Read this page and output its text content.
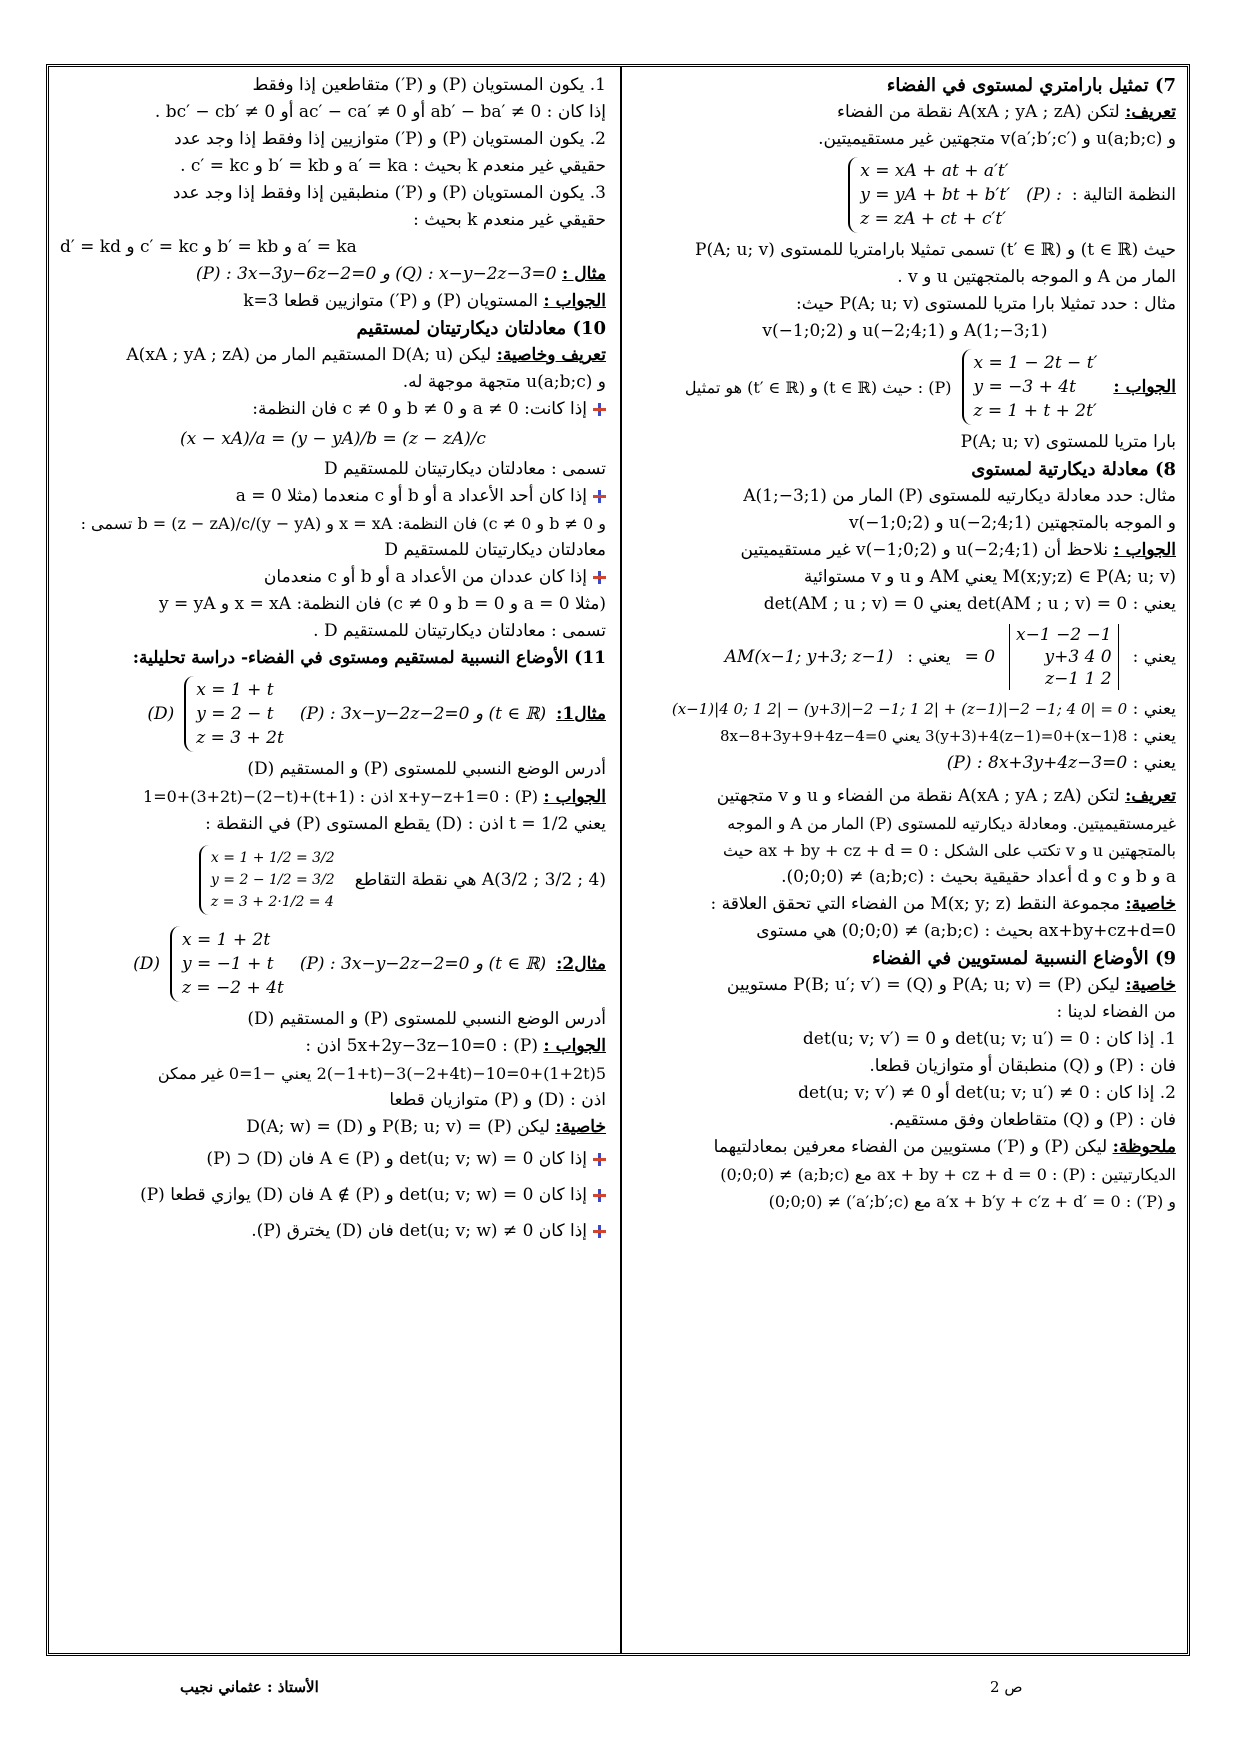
7) تمثيل بارامتري لمستوى في الفضاء

تعريف: لتكن A(xA ; yA ; zA) نقطة من الفضاء

و u(a;b;c) و v(a′;b′;c′) متجهتين غير مستقيميتين.

النظمة التالية :
(P) :
x = xA + at + a′t′
y = yA + bt + b′t′
z = zA + ct + c′t′

حيث (t ∈ ℝ) و (t′ ∈ ℝ) تسمى تمثيلا بارامتريا للمستوى P(A; u; v)

المار من A و الموجه بالمتجهتين u و v .

مثال : حدد تمثيلا بارا متريا للمستوى P(A; u; v) حيث:

A(1;−3;1) و u(−2;4;1) و v(−1;0;2)

الجواب :
x = 1 − 2t − t′
y = −3 + 4t
z = 1 + t + 2t′
(P) : حيث (t ∈ ℝ) و (t′ ∈ ℝ) هو تمثيل

بارا متريا للمستوى P(A; u; v)

8) معادلة ديكارتية لمستوى

مثال: حدد معادلة ديكارتيه للمستوى (P) المار من A(1;−3;1)

و الموجه بالمتجهتين u(−2;4;1) و v(−1;0;2)

الجواب : نلاحظ أن u(−2;4;1) و v(−1;0;2) غير مستقيميتين

M(x;y;z) ∈ P(A; u; v) يعني AM و u و v مستوائية

يعني : det(AM ; u ; v) = 0 يعني det(AM ; u ; v) = 0

يعني :
x−1 −2 −1
y+3 4 0
z−1 1 2
= 0
يعني :
AM(x−1; y+3; z−1)

يعني : (x−1)|4 0; 1 2| − (y+3)|−2 −1; 1 2| + (z−1)|−2 −1; 4 0| = 0

يعني : 8(x−1)+3(y+3)+4(z−1)=0 يعني 8x−8+3y+9+4z−4=0

يعني : (P) : 8x+3y+4z−3=0

تعريف: لتكن A(xA ; yA ; zA) نقطة من الفضاء و u و v متجهتين

غيرمستقيميتين. ومعادلة ديكارتيه للمستوى (P) المار من A و الموجه

بالمتجهتين u و v تكتب على الشكل : ax + by + cz + d = 0 حيث

a و b و c و d أعداد حقيقية بحيث : (a;b;c) ≠ (0;0;0).

خاصية: مجموعة النقط M(x; y; z) من الفضاء التي تحقق العلاقة :

ax+by+cz+d=0 بحيث : (a;b;c) ≠ (0;0;0) هي مستوى

9) الأوضاع النسبية لمستويين في الفضاء

خاصية: ليكن (P) = P(A; u; v) و (Q) = P(B; u′; v′) مستويين

من الفضاء لدينا :

1. إذا كان : det(u; v; u′) = 0 و det(u; v; v′) = 0

فان : (P) و (Q) منطبقان أو متوازيان قطعا.

2. إذا كان : det(u; v; u′) ≠ 0 أو det(u; v; v′) ≠ 0

فان : (P) و (Q) متقاطعان وفق مستقيم.

ملحوظة: ليكن (P) و (P′) مستويين من الفضاء معرفين بمعادلتيهما

الديكارتيتين : (P) : ax + by + cz + d = 0 مع (a;b;c) ≠ (0;0;0)

و (P′) : a′x + b′y + c′z + d′ = 0 مع (a′;b′;c′) ≠ (0;0;0)

1. يكون المستويان (P) و (P′) متقاطعين إذا وفقط

إذا كان : ab′ − ba′ ≠ 0 أو ac′ − ca′ ≠ 0 أو bc′ − cb′ ≠ 0 .

2. يكون المستويان (P) و (P′) متوازيين إذا وفقط إذا وجد عدد

حقيقي غير منعدم k بحيث : a′ = ka و b′ = kb و c′ = kc .

3. يكون المستويان (P) و (P′) منطبقين إذا وفقط إذا وجد عدد

حقيقي غير منعدم k بحيث :

a′ = ka و b′ = kb و c′ = kc و d′ = kd

مثال : (P) : 3x−3y−6z−2=0 و (Q) : x−y−2z−3=0

الجواب : المستويان (P) و (P′) متوازيين قطعا k=3

10) معادلتان ديكارتيتان لمستقيم

تعريف وخاصية: ليكن D(A; u) المستقيم المار من A(xA ; yA ; zA)

و u(a;b;c) متجهة موجهة له.

إذا كانت: a ≠ 0 و b ≠ 0 و c ≠ 0 فان النظمة:

(x − xA)/a = (y − yA)/b = (z − zA)/c

تسمى : معادلتان ديكارتيتان للمستقيم D

إذا كان أحد الأعداد a أو b أو c منعدما (مثلا a = 0

و b ≠ 0 و c ≠ 0) فان النظمة: x = xA و (y − yA)/b = (z − zA)/c تسمى :

معادلتان ديكارتيتان للمستقيم D

إذا كان عددان من الأعداد a أو b أو c منعدمان

(مثلا a = 0 و b = 0 و c ≠ 0) فان النظمة: x = xA و y = yA

تسمى : معادلتان ديكارتيتان للمستقيم D .

11) الأوضاع النسبية لمستقيم ومستوى في الفضاء- دراسة تحليلية:

مثال1:
(P) : 3x−y−2z−2=0 و (t ∈ ℝ)
x = 1 + t
y = 2 − t
z = 3 + 2t
(D)

أدرس الوضع النسبي للمستوى (P) و المستقيم (D)

الجواب : (P) : x+y−z+1=0 اذن : (1+t)+(2−t)−(3+2t)+1=0

يعني t = 1/2 اذن : (D) يقطع المستوى (P) في النقطة :

A(3/2 ; 3/2 ; 4) هي نقطة التقاطع
x = 1 + 1/2 = 3/2
y = 2 − 1/2 = 3/2
z = 3 + 2·1/2 = 4
مثال2:
(P) : 3x−y−2z−2=0 و (t ∈ ℝ)
x = 1 + 2t
y = −1 + t
z = −2 + 4t
(D)

أدرس الوضع النسبي للمستوى (P) و المستقيم (D)

الجواب : (P) : 5x+2y−3z−10=0 اذن :

5(1+2t)+2(−1+t)−3(−2+4t)−10=0 يعني −1=0 غير ممكن

اذن : (D) و (P) متوازيان قطعا

خاصية: ليكن (P) = P(B; u; v) و (D) = D(A; w)

إذا كان det(u; v; w) = 0 و A ∈ (P) فان (D) ⊂ (P)

إذا كان det(u; v; w) = 0 و A ∉ (P) فان (D) يوازي قطعا (P)

إذا كان det(u; v; w) ≠ 0 فان (D) يخترق (P).

الأستاذ : عثماني نجيب	ص 2
